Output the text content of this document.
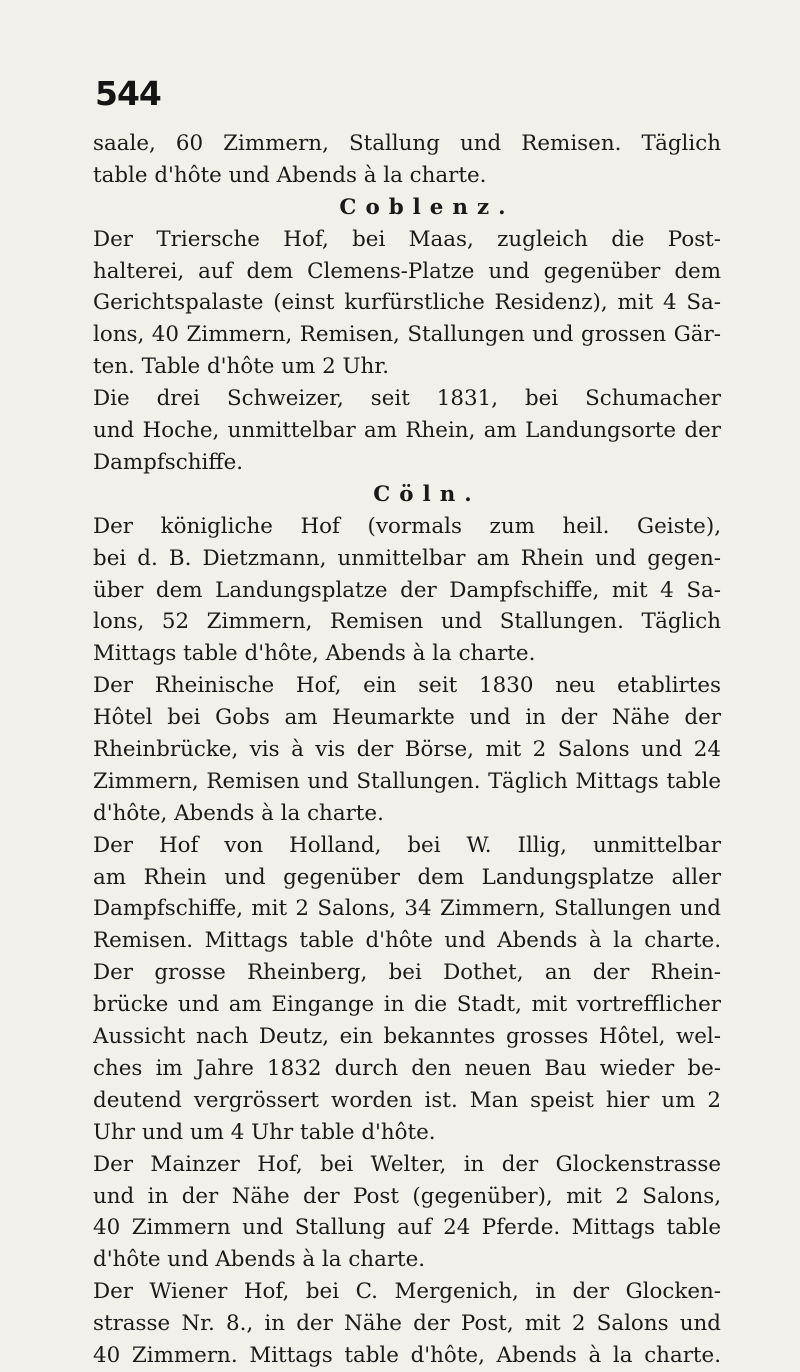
544
saale, 60 Zimmern, Stallung und Remisen. Täglich
table d'hôte und Abends à la charte.
Coblenz.
Der Triersche Hof, bei Maas, zugleich die Post-
halterei, auf dem Clemens-Platze und gegenüber dem
Gerichtspalaste (einst kurfürstliche Residenz), mit 4 Sa-
lons, 40 Zimmern, Remisen, Stallungen und grossen Gär-
ten. Table d'hôte um 2 Uhr.
Die drei Schweizer, seit 1831, bei Schumacher
und Hoche, unmittelbar am Rhein, am Landungsorte der
Dampfschiffe.
Cöln.
Der königliche Hof (vormals zum heil. Geiste),
bei d. B. Dietzmann, unmittelbar am Rhein und gegen-
über dem Landungsplatze der Dampfschiffe, mit 4 Sa-
lons, 52 Zimmern, Remisen und Stallungen. Täglich
Mittags table d'hôte, Abends à la charte.
Der Rheinische Hof, ein seit 1830 neu etablirtes
Hôtel bei Gobs am Heumarkte und in der Nähe der
Rheinbrücke, vis à vis der Börse, mit 2 Salons und 24
Zimmern, Remisen und Stallungen. Täglich Mittags table
d'hôte, Abends à la charte.
Der Hof von Holland, bei W. Illig, unmittelbar
am Rhein und gegenüber dem Landungsplatze aller
Dampfschiffe, mit 2 Salons, 34 Zimmern, Stallungen und
Remisen. Mittags table d'hôte und Abends à la charte.
Der grosse Rheinberg, bei Dothet, an der Rhein-
brücke und am Eingange in die Stadt, mit vortrefflicher
Aussicht nach Deutz, ein bekanntes grosses Hôtel, wel-
ches im Jahre 1832 durch den neuen Bau wieder be-
deutend vergrössert worden ist. Man speist hier um 2
Uhr und um 4 Uhr table d'hôte.
Der Mainzer Hof, bei Welter, in der Glockenstrasse
und in der Nähe der Post (gegenüber), mit 2 Salons,
40 Zimmern und Stallung auf 24 Pferde. Mittags table
d'hôte und Abends à la charte.
Der Wiener Hof, bei C. Mergenich, in der Glocken-
strasse Nr. 8., in der Nähe der Post, mit 2 Salons und
40 Zimmern. Mittags table d'hôte, Abends à la charte.
